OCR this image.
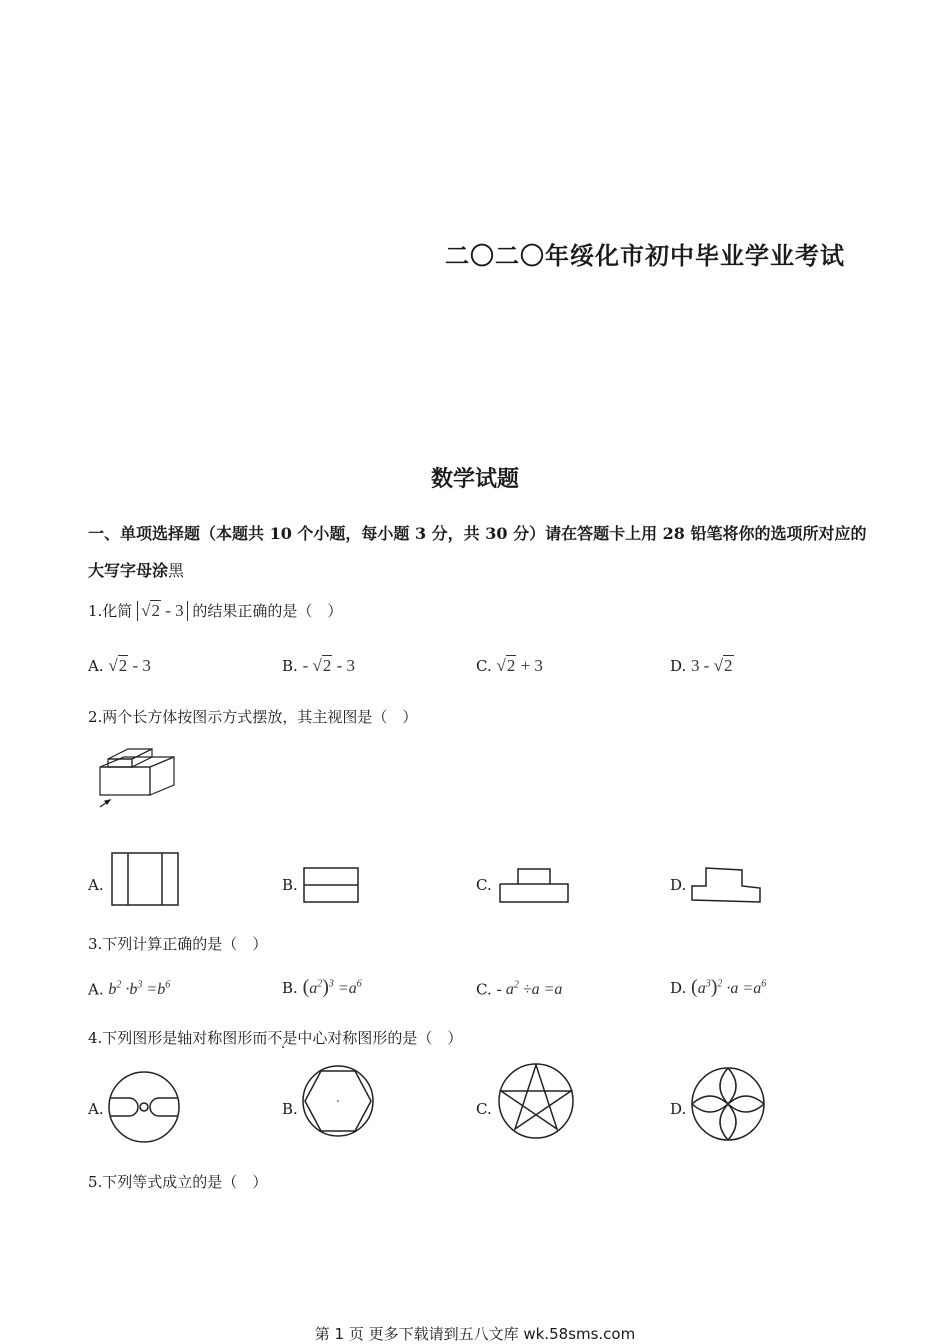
二〇二〇年绥化市初中毕业学业考试
数学试题
一、单项选择题（本题共 10 个小题，每小题 3 分，共 30 分）请在答题卡上用 28 铅笔将你的选项所对应的大写字母涂黑
1.化简 √2 - 3 的结果正确的是（　）
A. √2 - 3	B. - √2 - 3	C. √2 + 3	D. 3 - √2
2.两个长方体按图示方式摆放，其主视图是（　）
A.	B.	C.	D.
3.下列计算正确的是（　）
A. $b^2 \cdot b^3 =b^6$	B. $(a^2)^3 =a^6$	C. - $a^2 \div a =a$	D. $(a^3)^2 \cdot a =a^6$
4.下列图形是轴对称图形而不是中心对称图形的是（　）
A.	B.	C.	D.
5.下列等式成立的是（　）
第 1 页 更多下载请到五八文库 wk.58sms.com
